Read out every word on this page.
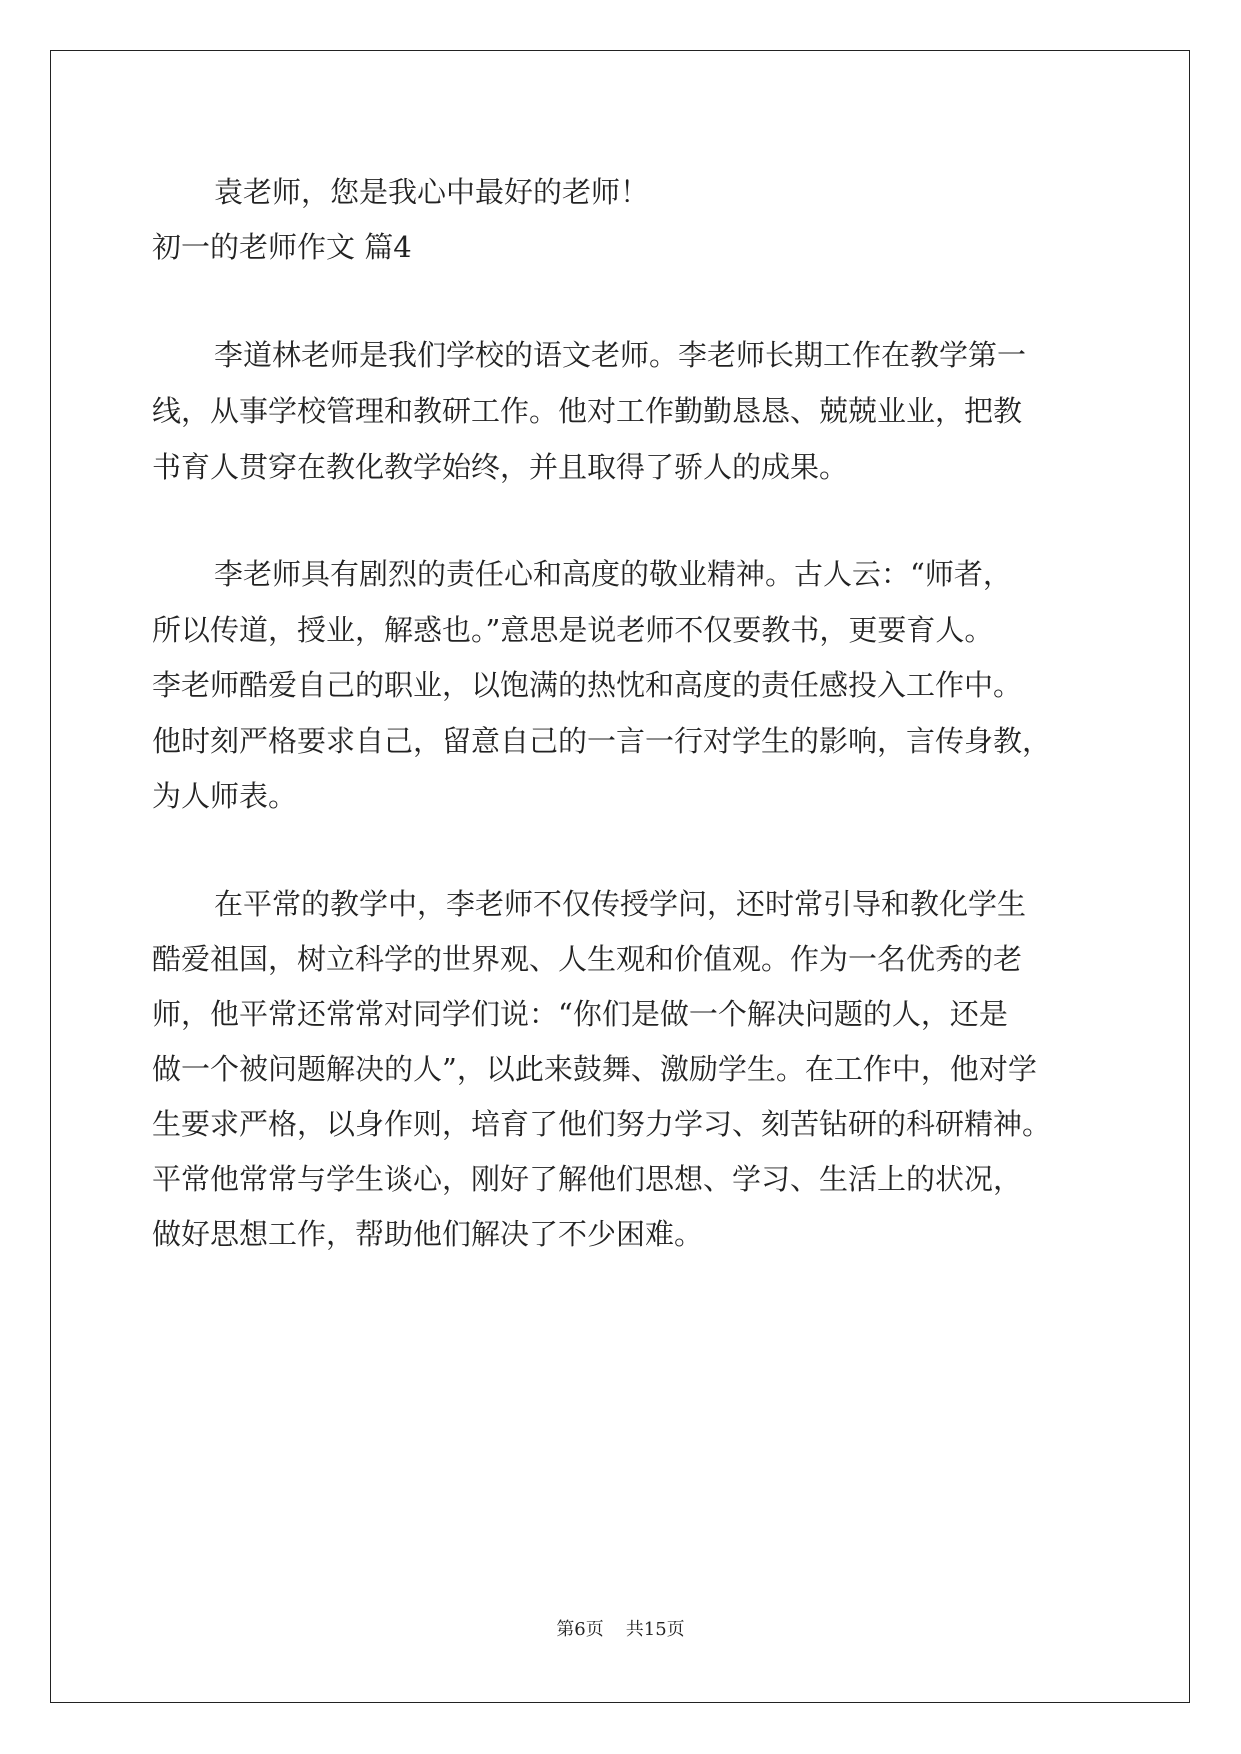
袁老师，您是我心中最好的老师！
初一的老师作文 篇4
李道林老师是我们学校的语文老师。李老师长期工作在教学第一
线，从事学校管理和教研工作。他对工作勤勤恳恳、兢兢业业，把教
书育人贯穿在教化教学始终，并且取得了骄人的成果。
李老师具有剧烈的责任心和高度的敬业精神。古人云：“师者，
所以传道，授业，解惑也。”意思是说老师不仅要教书，更要育人。
李老师酷爱自己的职业，以饱满的热忱和高度的责任感投入工作中。
他时刻严格要求自己，留意自己的一言一行对学生的影响，言传身教，
为人师表。
在平常的教学中，李老师不仅传授学问，还时常引导和教化学生
酷爱祖国，树立科学的世界观、人生观和价值观。作为一名优秀的老
师，他平常还常常对同学们说：“你们是做一个解决问题的人，还是
做一个被问题解决的人”，以此来鼓舞、激励学生。在工作中，他对学
生要求严格，以身作则，培育了他们努力学习、刻苦钻研的科研精神。
平常他常常与学生谈心，刚好了解他们思想、学习、生活上的状况，
做好思想工作，帮助他们解决了不少困难。
第6页 共15页
